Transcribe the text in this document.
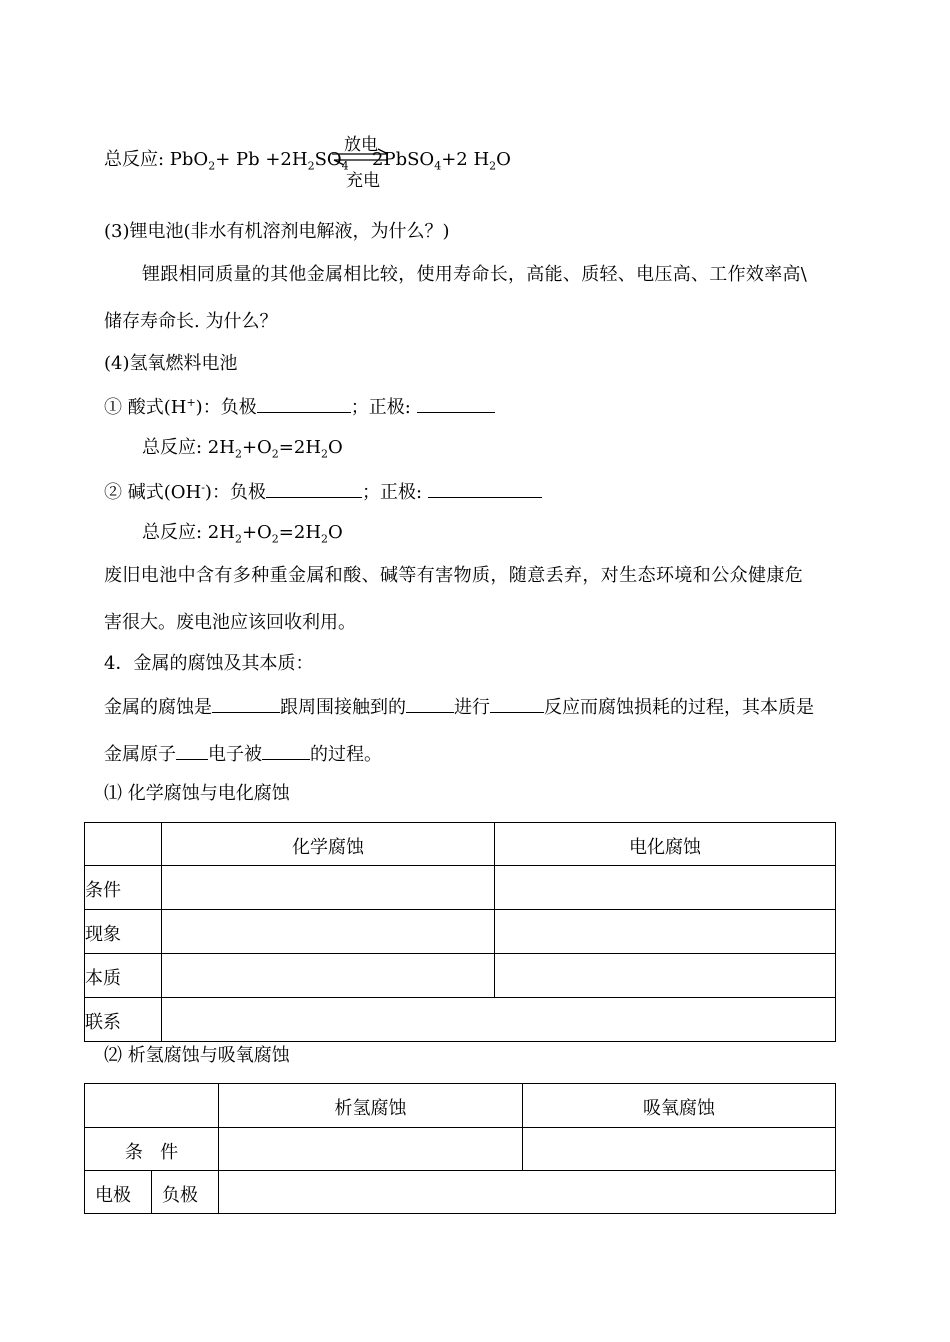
总反应: $PbO_2+ Pb +2H_2SO_4$
放电
充电
2PbSO$_4$+2 $H_2O$
(3)锂电池(非水有机溶剂电解液，为什么？)
锂跟相同质量的其他金属相比较，使用寿命长，高能、质轻、电压高、工作效率高\
储存寿命长. 为什么？
(4)氢氧燃料电池
① 酸式(H+)：负极	；正极:
总反应: $2H_2+O_2=2H_2O$
② 碱式(OH-)：负极	；正极:
总反应: $2H_2+O_2=2H_2O$
废旧电池中含有多种重金属和酸、碱等有害物质，随意丢弃，对生态环境和公众健康危
害很大。废电池应该回收利用。
4．金属的腐蚀及其本质：
金属的腐蚀是	跟周围接触到的	进行	反应而腐蚀损耗的过程，其本质是
金属原子 电子被	的过程。
⑴ 化学腐蚀与电化腐蚀

	化学腐蚀	电化腐蚀

条件		

现象		

本质		

联系		

⑵ 析氢腐蚀与吸氧腐蚀

		析氢腐蚀	吸氧腐蚀

条   件			

电极	负极		
